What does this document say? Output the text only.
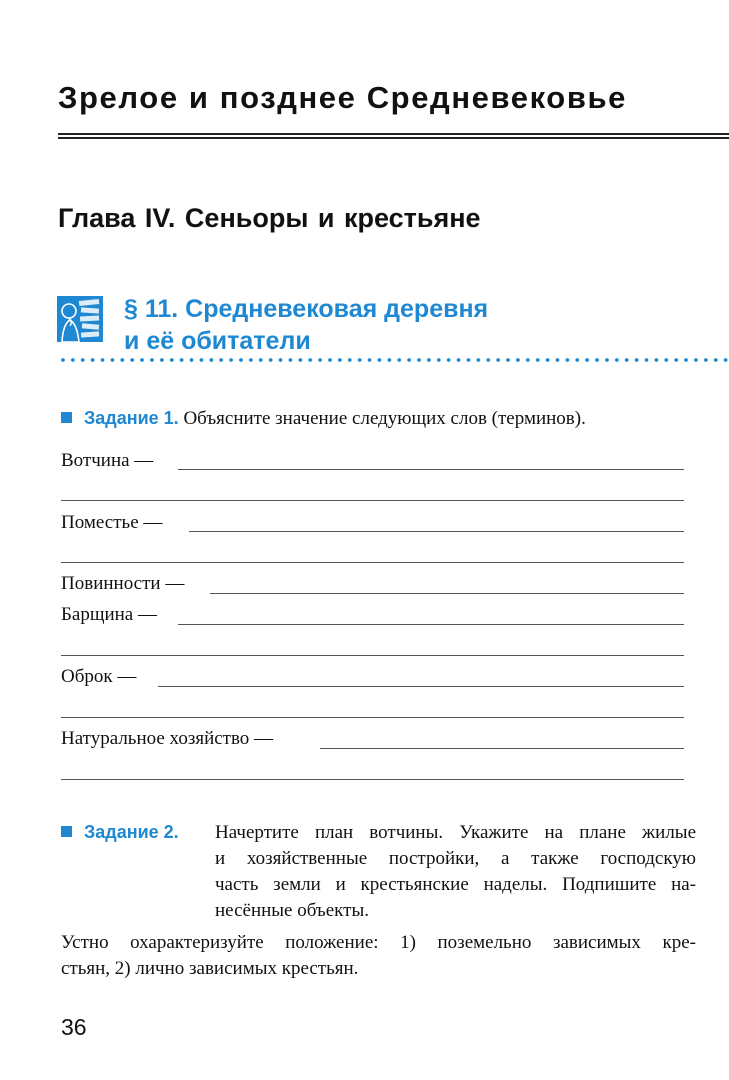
Зрелое и позднее Средневековье
Глава IV. Сеньоры и крестьяне
§ 11. Средневековая деревня
и её обитатели
Задание 1. Объясните значение следующих слов (терминов).
Вотчина —
Поместье —
Повинности —
Барщина —
Оброк —
Натуральное хозяйство —
Задание 2. Начертите план вотчины. Укажите на плане жилые
и хозяйственные постройки, а также господскую
часть земли и крестьянские наделы. Подпишите на-
несённые объекты.
Устно охарактеризуйте положение: 1) поземельно зависимых кре-
стьян, 2) лично зависимых крестьян.
36
